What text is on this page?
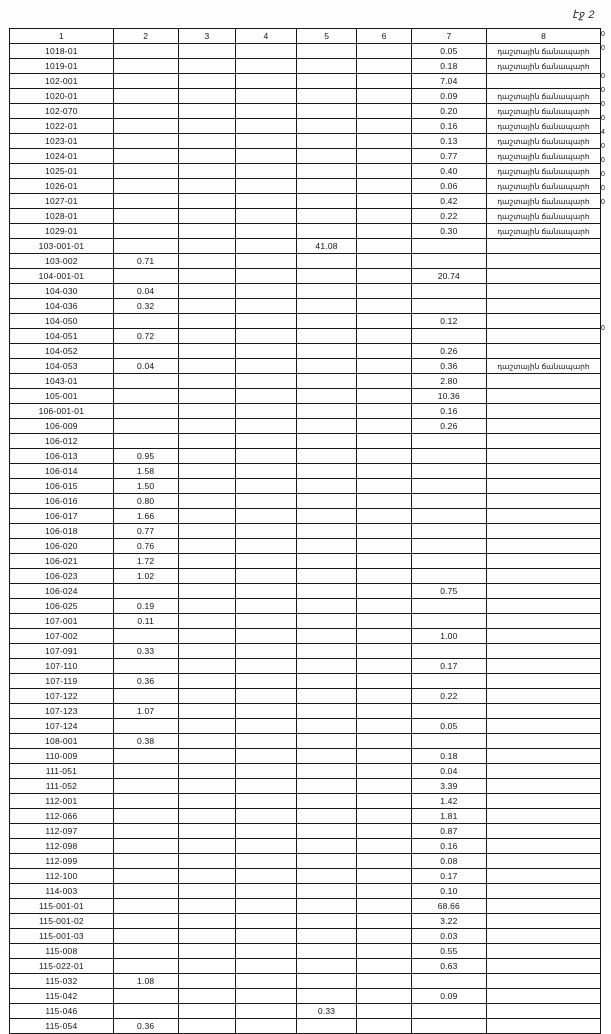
էջ 2
1	2	3	4	5	6	7	8
1018-01						0.05	դաշտային ճանապարհ
1019-01						0.18	դաշտային ճանապարհ
102-001						7.04	
1020-01						0.09	դաշտային ճանապարհ
102-070						0.20	դաշտային ճանապարհ
1022-01						0.16	դաշտային ճանապարհ
1023-01						0.13	դաշտային ճանապարհ
1024-01						0.77	դաշտային ճանապարհ
1025-01						0.40	դաշտային ճանապարհ
1026-01						0.06	դաշտային ճանապարհ
1027-01						0.42	դաշտային ճանապարհ
1028-01						0.22	դաշտային ճանապարհ
1029-01						0.30	դաշտային ճանապարհ
103-001-01				41.08			
103-002	0.71						
104-001-01						20.74	
104-030	0.04						
104-036	0.32						
104-050						0.12	
104-051	0.72						
104-052						0.26	
104-053	0.04					0.36	դաշտային ճանապարհ
1043-01						2.80	
105-001						10.36	
106-001-01						0.16	
106-009						0.26	
106-012							
106-013	0.95						
106-014	1.58						
106-015	1.50						
106-016	0.80						
106-017	1.66						
106-018	0.77						
106-020	0.76						
106-021	1.72						
106-023	1.02						
106-024						0.75	
106-025	0.19						
107-001	0.11						
107-002						1.00	
107-091	0.33						
107-110						0.17	
107-119	0.36						
107-122						0.22	
107-123	1.07						
107-124						0.05	
108-001	0.38						
110-009						0.18	
111-051						0.04	
111-052						3.39	
112-001						1.42	
112-066						1.81	
112-097						0.87	
112-098						0.16	
112-099						0.08	
112-100						0.17	
114-003						0.10	
115-001-01						68.66	
115-001-02						3.22	
115-001-03						0.03	
115-008						0.55	
115-022-01						0.63	
115-032	1.08						
115-042						0.09	
115-046				0.33			
115-054	0.36						
0
0
0
0
0
0
4
0
0
0
0
0
0
